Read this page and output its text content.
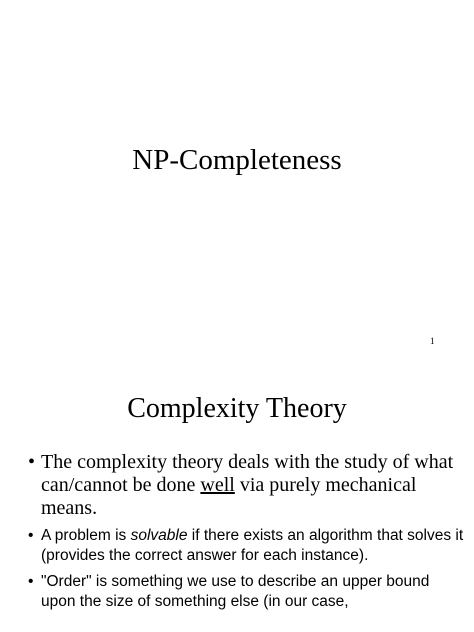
NP-Completeness
1
Complexity Theory
• The complexity theory deals with the study of what can/cannot be done well via purely mechanical means.
• A problem is solvable if there exists an algorithm that solves it (provides the correct answer for each instance).
• "Order" is something we use to describe an upper bound upon the size of something else (in our case,
